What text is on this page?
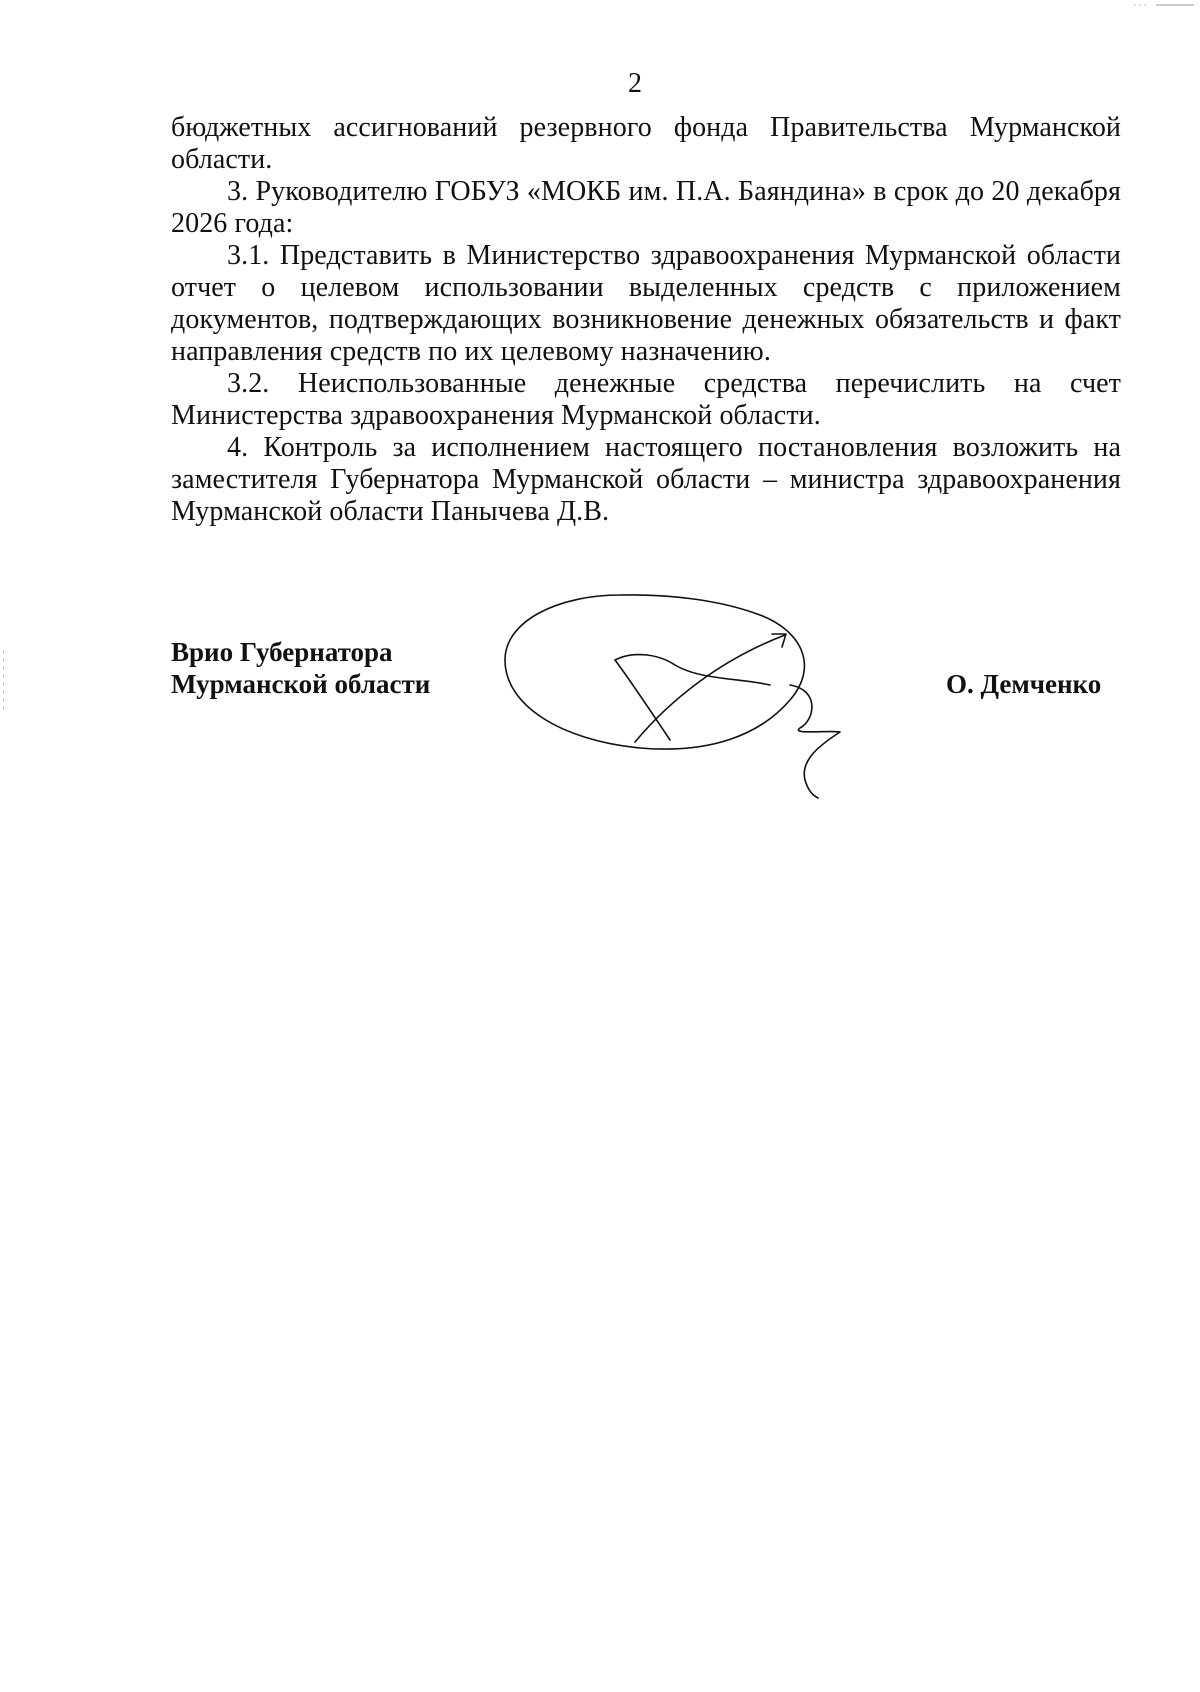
2

бюджетных ассигнований резервного фонда Правительства Мурманской области.

3. Руководителю ГОБУЗ «МОКБ им. П.А. Баяндина» в срок до 20 декабря 2026 года:

3.1. Представить в Министерство здравоохранения Мурманской области отчет о целевом использовании выделенных средств с приложением документов, подтверждающих возникновение денежных обязательств и факт направления средств по их целевому назначению.

3.2. Неиспользованные денежные средства перечислить на счет Министерства здравоохранения Мурманской области.

4. Контроль за исполнением настоящего постановления возложить на заместителя Губернатора Мурманской области – министра здравоохранения Мурманской области Панычева Д.В.

Врио Губернатора
Мурманской области	О. Демченко
